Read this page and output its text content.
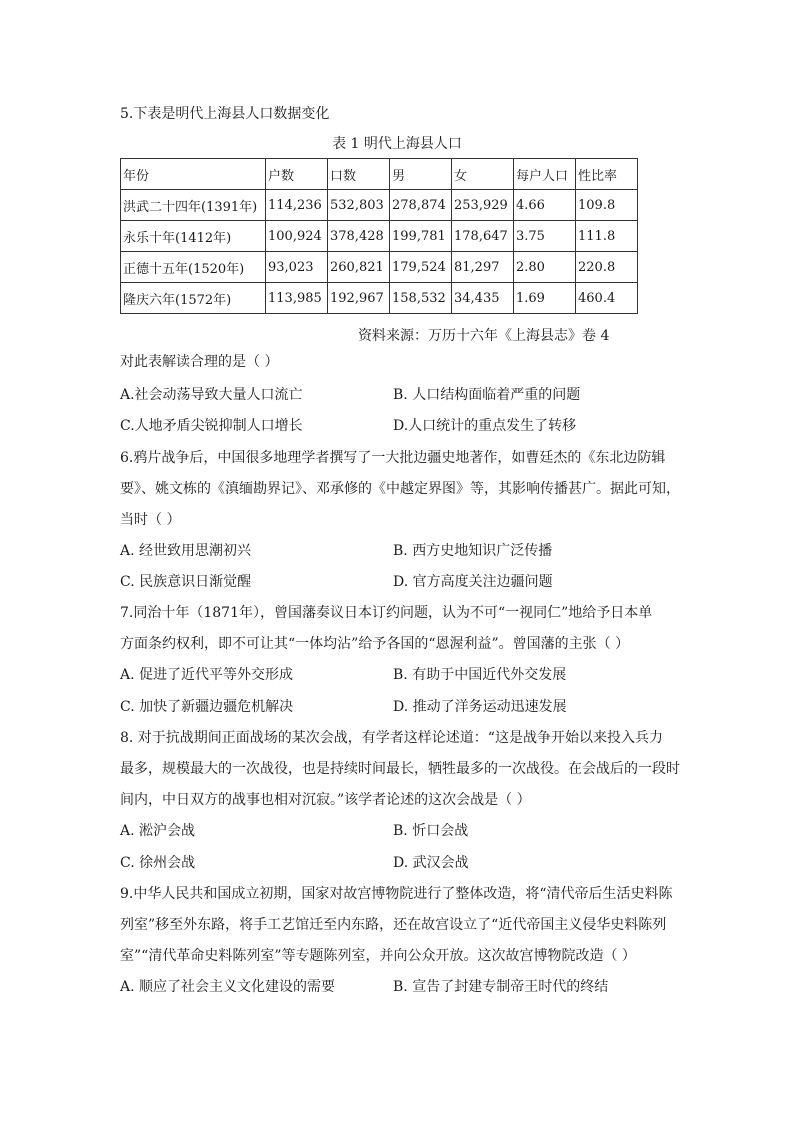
5.下表是明代上海县人口数据变化
表 1 明代上海县人口
年份	户数	口数	男	女	每户人口	性比率
洪武二十四年(1391年)	114,236	532,803	278,874	253,929	4.66	109.8
永乐十年(1412年)	100,924	378,428	199,781	178,647	3.75	111.8
正德十五年(1520年)	93,023	260,821	179,524	81,297	2.80	220.8
隆庆六年(1572年)	113,985	192,967	158,532	34,435	1.69	460.4
资料来源：万历十六年《上海县志》卷 4
对此表解读合理的是（ ）
A.社会动荡导致大量人口流亡	B. 人口结构面临着严重的问题
C.人地矛盾尖锐抑制人口增长	D.人口统计的重点发生了转移
6.鸦片战争后，中国很多地理学者撰写了一大批边疆史地著作，如曹廷杰的《东北边防辑
要》、姚文栋的《滇缅勘界记》、邓承修的《中越定界图》等，其影响传播甚广。据此可知，
当时（ ）
A. 经世致用思潮初兴	B. 西方史地知识广泛传播
C. 民族意识日渐觉醒	D. 官方高度关注边疆问题
7.同治十年（1871年），曾国藩奏议日本订约问题，认为不可“一视同仁”地给予日本单
方面条约权利，即不可让其“一体均沾”给予各国的“恩渥利益”。曾国藩的主张（ ）
A. 促进了近代平等外交形成	B. 有助于中国近代外交发展
C. 加快了新疆边疆危机解决	D. 推动了洋务运动迅速发展
8. 对于抗战期间正面战场的某次会战，有学者这样论述道：“这是战争开始以来投入兵力
最多，规模最大的一次战役，也是持续时间最长，牺牲最多的一次战役。在会战后的一段时
间内，中日双方的战事也相对沉寂。”该学者论述的这次会战是（ ）
A. 淞沪会战	B. 忻口会战
C. 徐州会战	D. 武汉会战
9.中华人民共和国成立初期，国家对故宫博物院进行了整体改造，将“清代帝后生活史料陈
列室”移至外东路，将手工艺馆迁至内东路，还在故宫设立了“近代帝国主义侵华史料陈列
室”“清代革命史料陈列室”等专题陈列室，并向公众开放。这次故宫博物院改造（ ）
A. 顺应了社会主义文化建设的需要	B. 宣告了封建专制帝王时代的终结
